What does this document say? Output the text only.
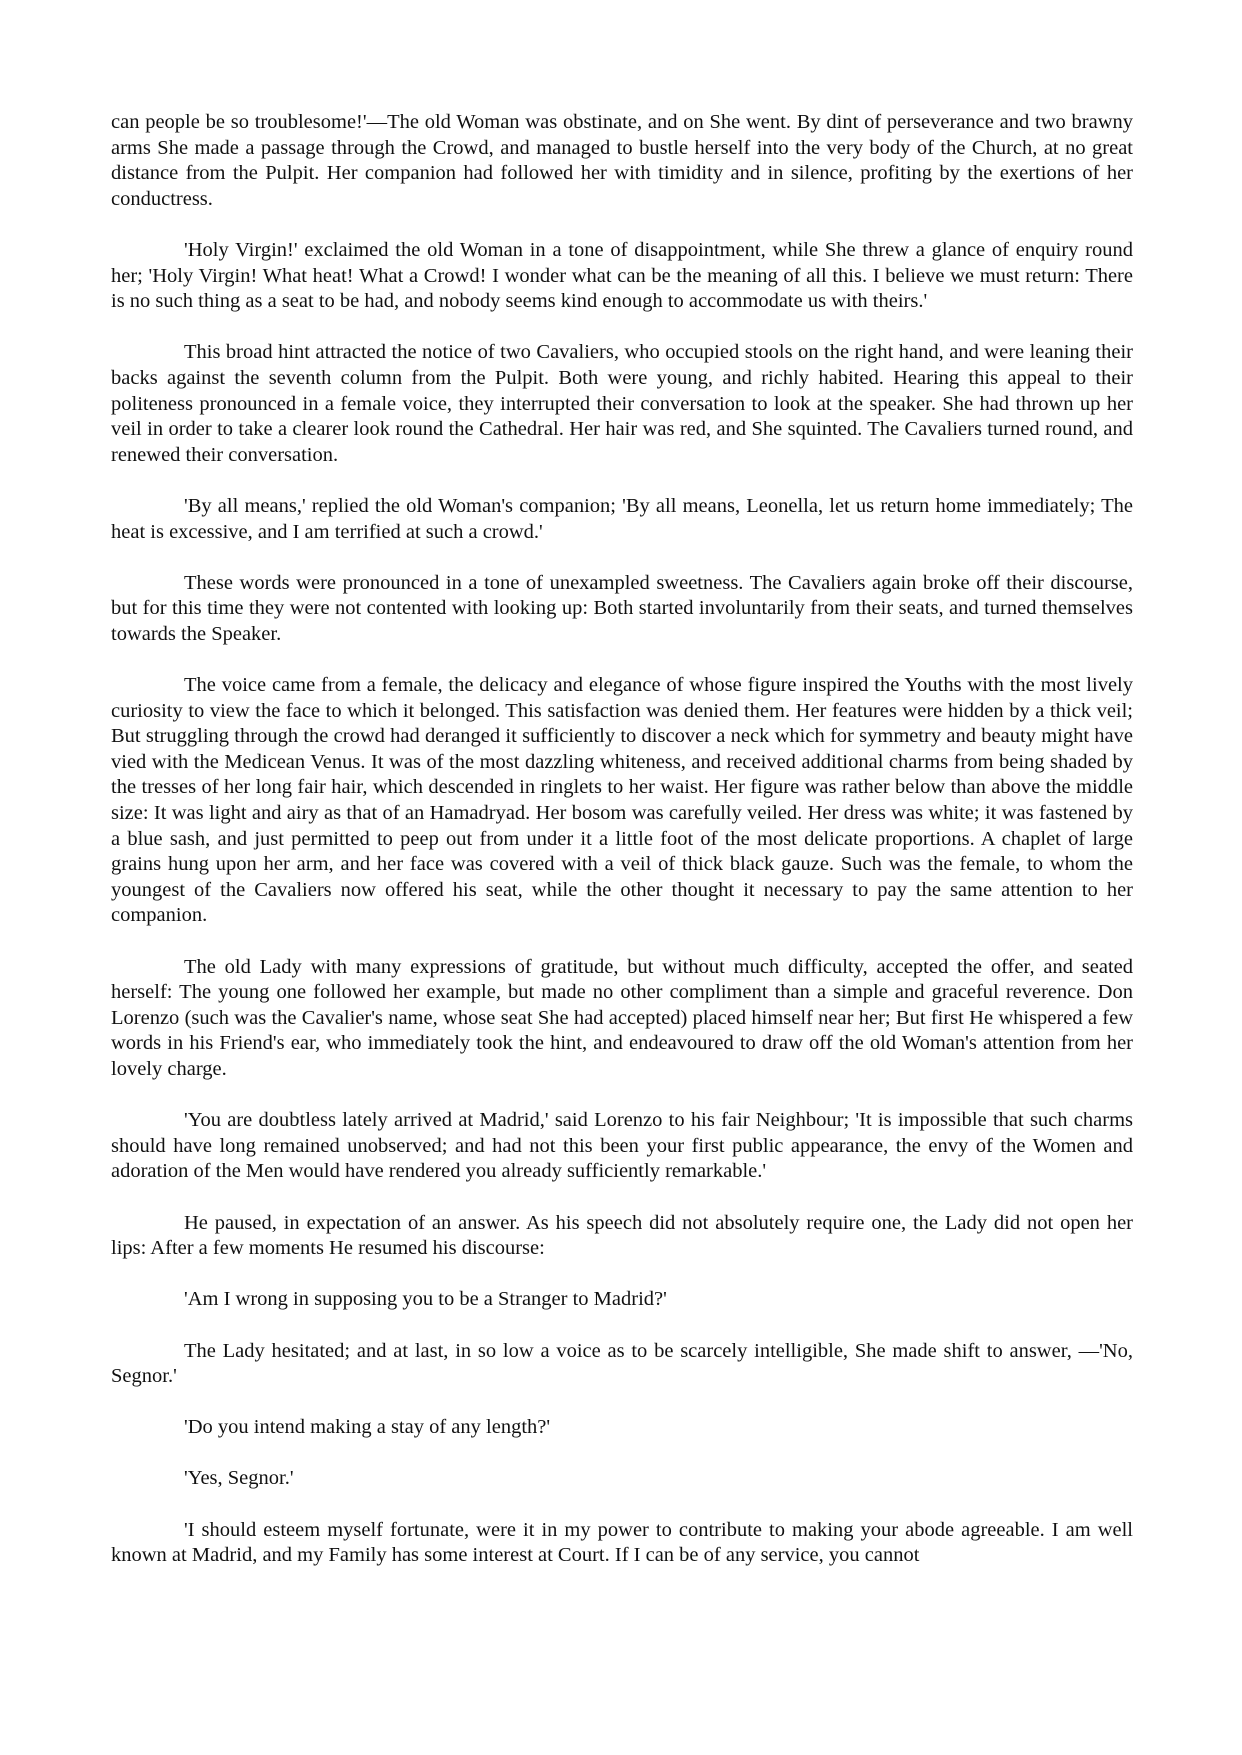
can people be so troublesome!'—The old Woman was obstinate, and on She went. By dint of perseverance and two brawny arms She made a passage through the Crowd, and managed to bustle herself into the very body of the Church, at no great distance from the Pulpit. Her companion had followed her with timidity and in silence, profiting by the exertions of her conductress.

'Holy Virgin!' exclaimed the old Woman in a tone of disappointment, while She threw a glance of enquiry round her; 'Holy Virgin! What heat! What a Crowd! I wonder what can be the meaning of all this. I believe we must return: There is no such thing as a seat to be had, and nobody seems kind enough to accommodate us with theirs.'

This broad hint attracted the notice of two Cavaliers, who occupied stools on the right hand, and were leaning their backs against the seventh column from the Pulpit. Both were young, and richly habited. Hearing this appeal to their politeness pronounced in a female voice, they interrupted their conversation to look at the speaker. She had thrown up her veil in order to take a clearer look round the Cathedral. Her hair was red, and She squinted. The Cavaliers turned round, and renewed their conversation.

'By all means,' replied the old Woman's companion; 'By all means, Leonella, let us return home immediately; The heat is excessive, and I am terrified at such a crowd.'

These words were pronounced in a tone of unexampled sweetness. The Cavaliers again broke off their discourse, but for this time they were not contented with looking up: Both started involuntarily from their seats, and turned themselves towards the Speaker.

The voice came from a female, the delicacy and elegance of whose figure inspired the Youths with the most lively curiosity to view the face to which it belonged. This satisfaction was denied them. Her features were hidden by a thick veil; But struggling through the crowd had deranged it sufficiently to discover a neck which for symmetry and beauty might have vied with the Medicean Venus. It was of the most dazzling whiteness, and received additional charms from being shaded by the tresses of her long fair hair, which descended in ringlets to her waist. Her figure was rather below than above the middle size: It was light and airy as that of an Hamadryad. Her bosom was carefully veiled. Her dress was white; it was fastened by a blue sash, and just permitted to peep out from under it a little foot of the most delicate proportions. A chaplet of large grains hung upon her arm, and her face was covered with a veil of thick black gauze. Such was the female, to whom the youngest of the Cavaliers now offered his seat, while the other thought it necessary to pay the same attention to her companion.

The old Lady with many expressions of gratitude, but without much difficulty, accepted the offer, and seated herself: The young one followed her example, but made no other compliment than a simple and graceful reverence. Don Lorenzo (such was the Cavalier's name, whose seat She had accepted) placed himself near her; But first He whispered a few words in his Friend's ear, who immediately took the hint, and endeavoured to draw off the old Woman's attention from her lovely charge.

'You are doubtless lately arrived at Madrid,' said Lorenzo to his fair Neighbour; 'It is impossible that such charms should have long remained unobserved; and had not this been your first public appearance, the envy of the Women and adoration of the Men would have rendered you already sufficiently remarkable.'

He paused, in expectation of an answer. As his speech did not absolutely require one, the Lady did not open her lips: After a few moments He resumed his discourse:

'Am I wrong in supposing you to be a Stranger to Madrid?'

The Lady hesitated; and at last, in so low a voice as to be scarcely intelligible, She made shift to answer, —'No, Segnor.'

'Do you intend making a stay of any length?'

'Yes, Segnor.'

'I should esteem myself fortunate, were it in my power to contribute to making your abode agreeable. I am well known at Madrid, and my Family has some interest at Court. If I can be of any service, you cannot
